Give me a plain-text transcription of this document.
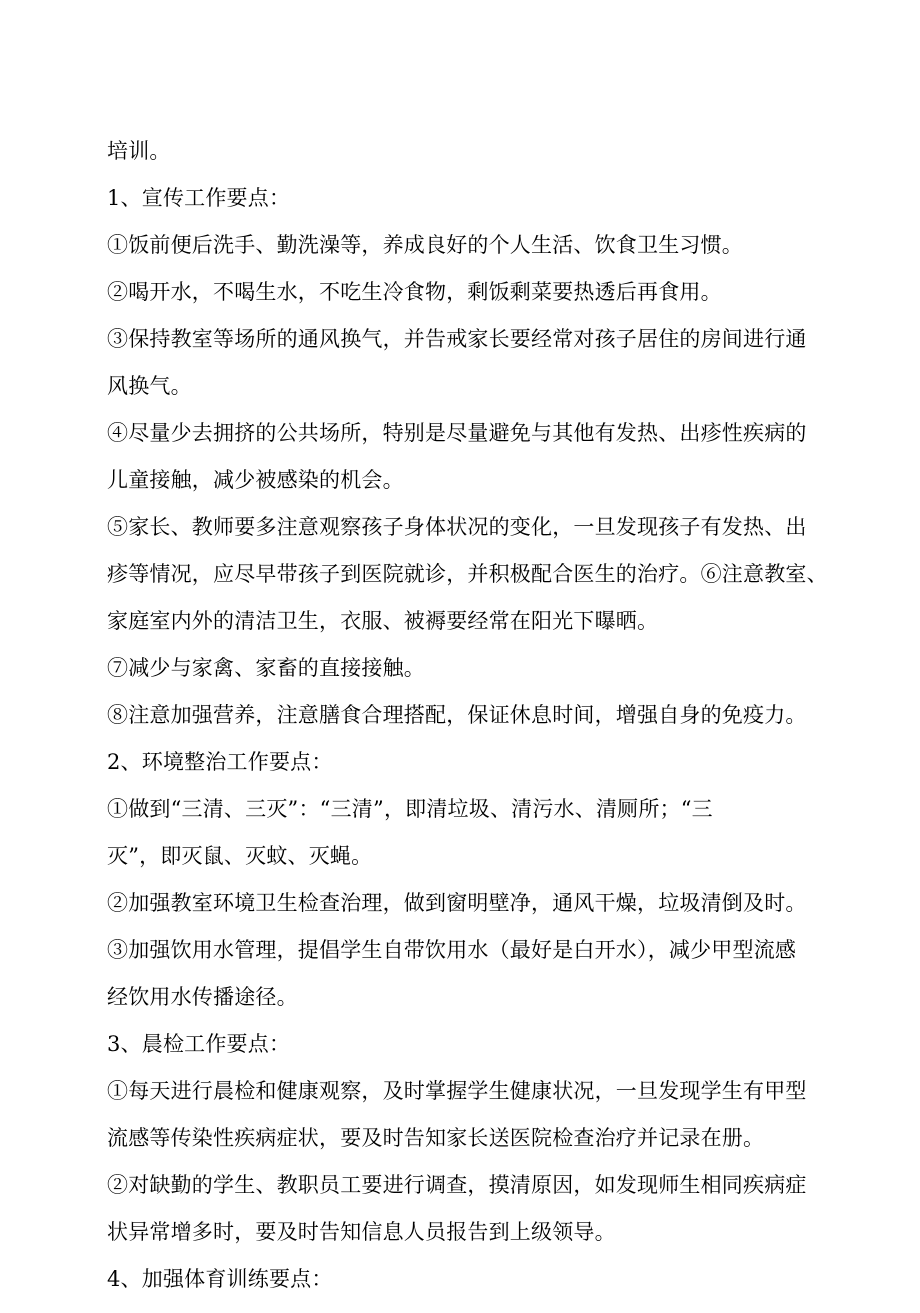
培训。

1、宣传工作要点：

①饭前便后洗手、勤洗澡等，养成良好的个人生活、饮食卫生习惯。

②喝开水，不喝生水，不吃生冷食物，剩饭剩菜要热透后再食用。

③保持教室等场所的通风换气，并告戒家长要经常对孩子居住的房间进行通

风换气。

④尽量少去拥挤的公共场所，特别是尽量避免与其他有发热、出疹性疾病的

儿童接触，减少被感染的机会。

⑤家长、教师要多注意观察孩子身体状况的变化，一旦发现孩子有发热、出

疹等情况，应尽早带孩子到医院就诊，并积极配合医生的治疗。⑥注意教室、

家庭室内外的清洁卫生，衣服、被褥要经常在阳光下曝晒。

⑦减少与家禽、家畜的直接接触。

⑧注意加强营养，注意膳食合理搭配，保证休息时间，增强自身的免疫力。

2、环境整治工作要点：

①做到“三清、三灭”：“三清”，即清垃圾、清污水、清厕所；“三

灭”，即灭鼠、灭蚊、灭蝇。

②加强教室环境卫生检查治理，做到窗明壁净，通风干燥，垃圾清倒及时。

③加强饮用水管理，提倡学生自带饮用水（最好是白开水），减少甲型流感

经饮用水传播途径。

3、晨检工作要点：

①每天进行晨检和健康观察，及时掌握学生健康状况，一旦发现学生有甲型

流感等传染性疾病症状，要及时告知家长送医院检查治疗并记录在册。

②对缺勤的学生、教职员工要进行调查，摸清原因，如发现师生相同疾病症

状异常增多时，要及时告知信息人员报告到上级领导。

4、加强体育训练要点：
